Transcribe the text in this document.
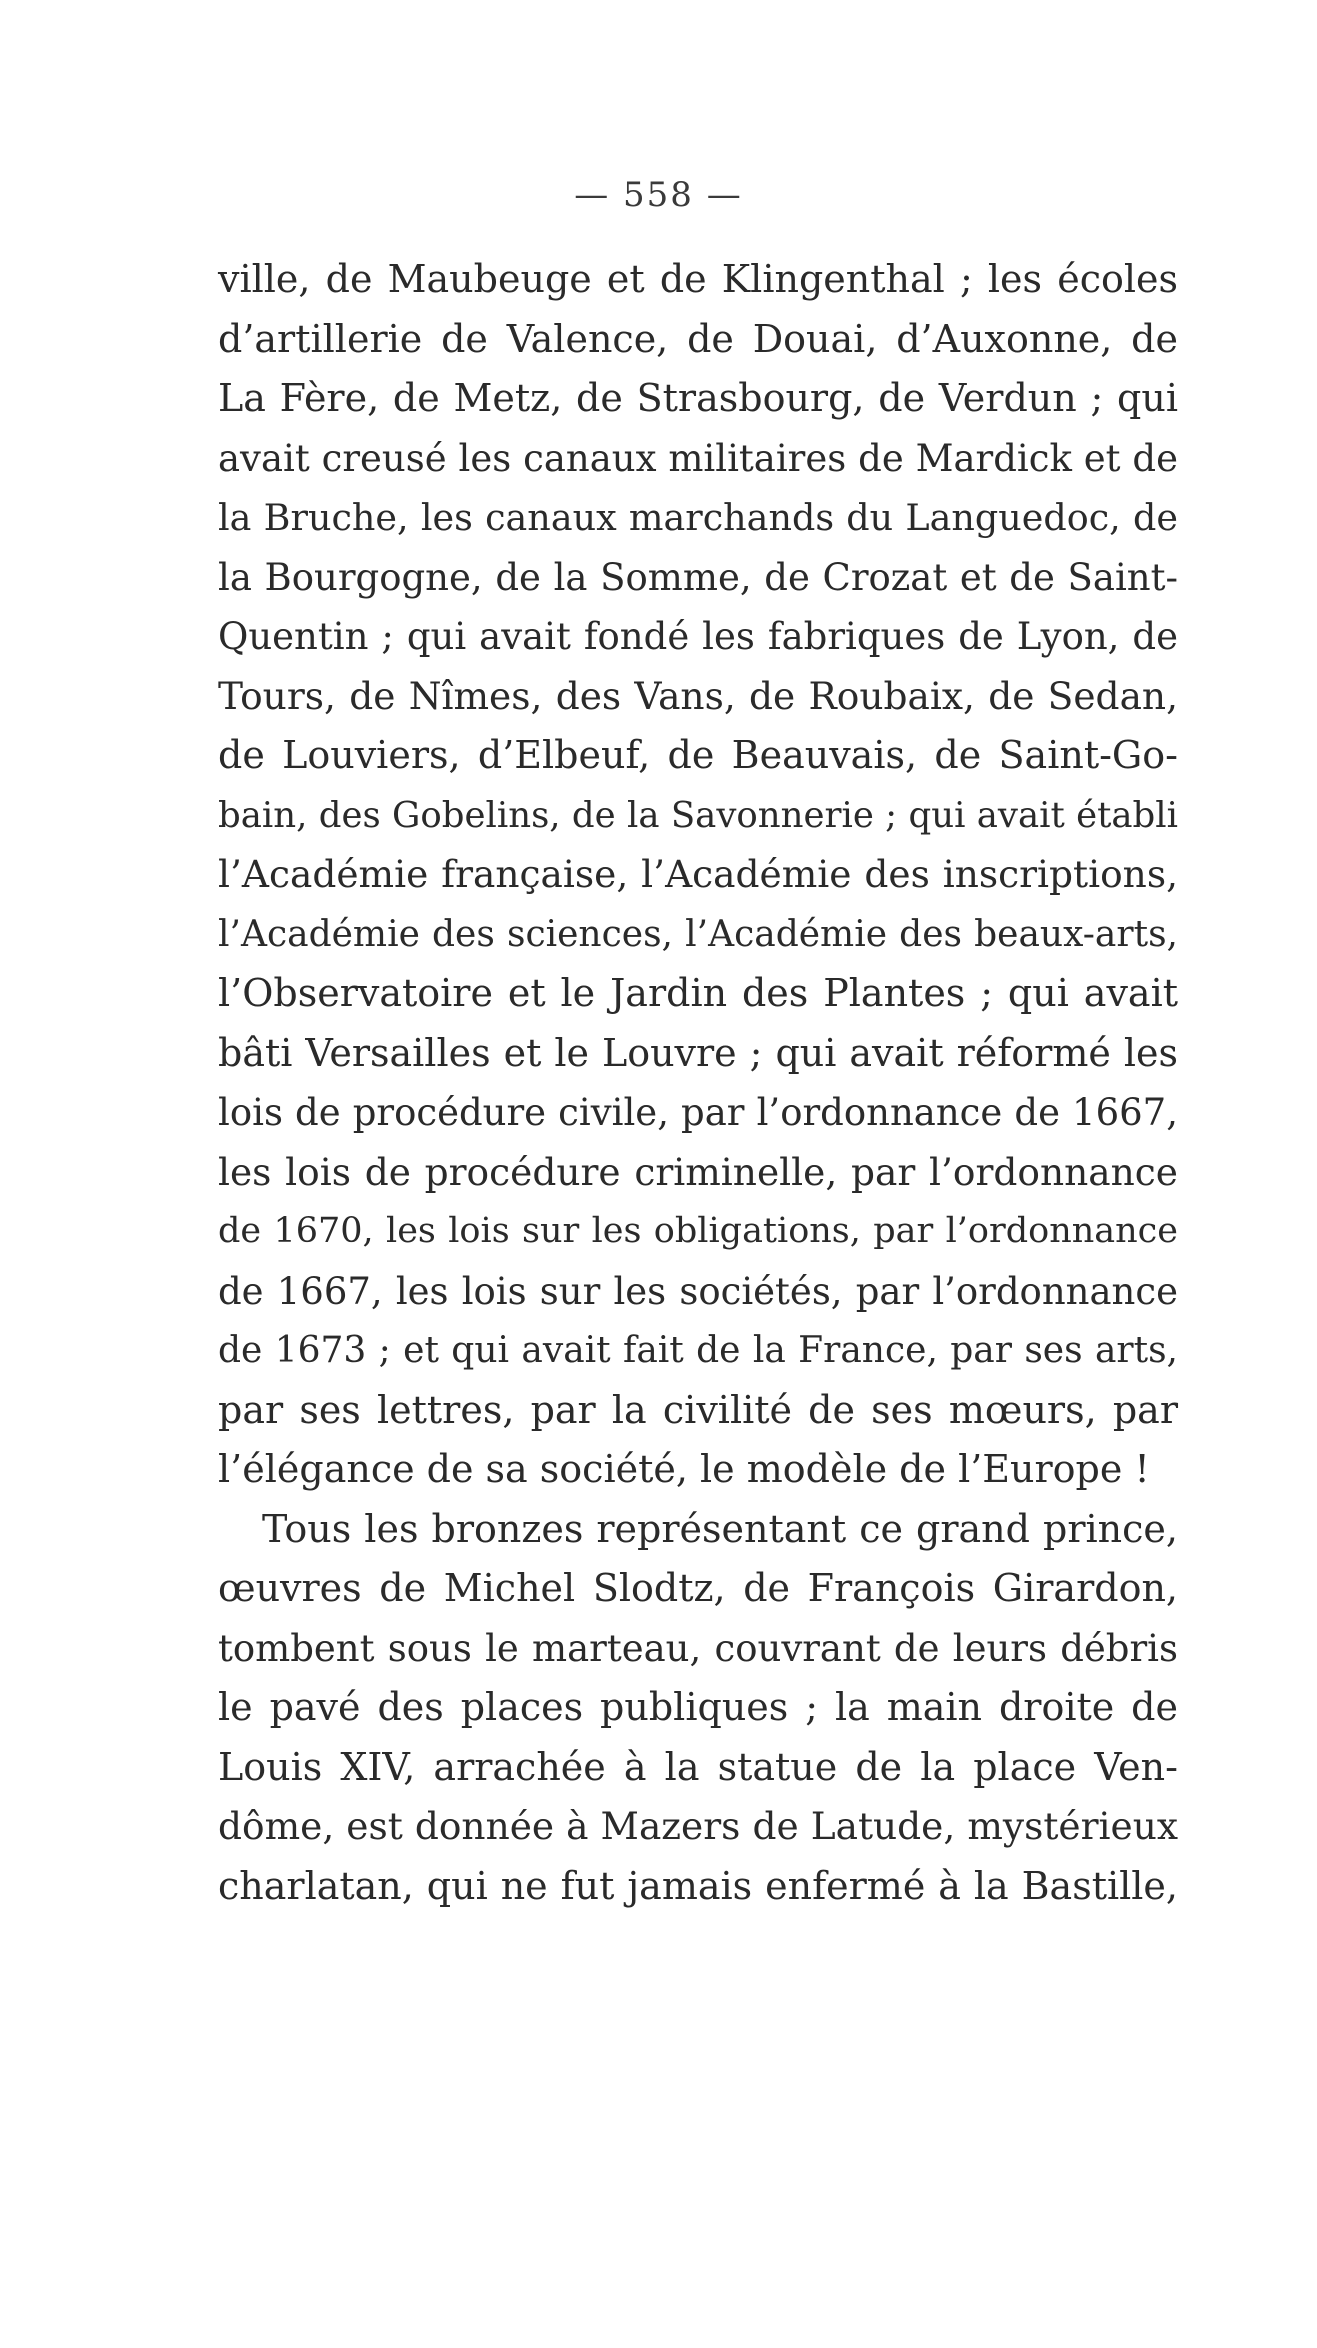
— 558 —
ville, de Maubeuge et de Klingenthal ; les écoles
d’artillerie de Valence, de Douai, d’Auxonne, de
La Fère, de Metz, de Strasbourg, de Verdun ; qui
avait creusé les canaux militaires de Mardick et de
la Bruche, les canaux marchands du Languedoc, de
la Bourgogne, de la Somme, de Crozat et de Saint-
Quentin ; qui avait fondé les fabriques de Lyon, de
Tours, de Nîmes, des Vans, de Roubaix, de Sedan,
de Louviers, d’Elbeuf, de Beauvais, de Saint-Go-
bain, des Gobelins, de la Savonnerie ; qui avait établi
l’Académie française, l’Académie des inscriptions,
l’Académie des sciences, l’Académie des beaux-arts,
l’Observatoire et le Jardin des Plantes ; qui avait
bâti Versailles et le Louvre ; qui avait réformé les
lois de procédure civile, par l’ordonnance de 1667,
les lois de procédure criminelle, par l’ordonnance
de 1670, les lois sur les obligations, par l’ordonnance
de 1667, les lois sur les sociétés, par l’ordonnance
de 1673 ; et qui avait fait de la France, par ses arts,
par ses lettres, par la civilité de ses mœurs, par
l’élégance de sa société, le modèle de l’Europe !
Tous les bronzes représentant ce grand prince,
œuvres de Michel Slodtz, de François Girardon,
tombent sous le marteau, couvrant de leurs débris
le pavé des places publiques ; la main droite de
Louis XIV, arrachée à la statue de la place Ven-
dôme, est donnée à Mazers de Latude, mystérieux
charlatan, qui ne fut jamais enfermé à la Bastille,
